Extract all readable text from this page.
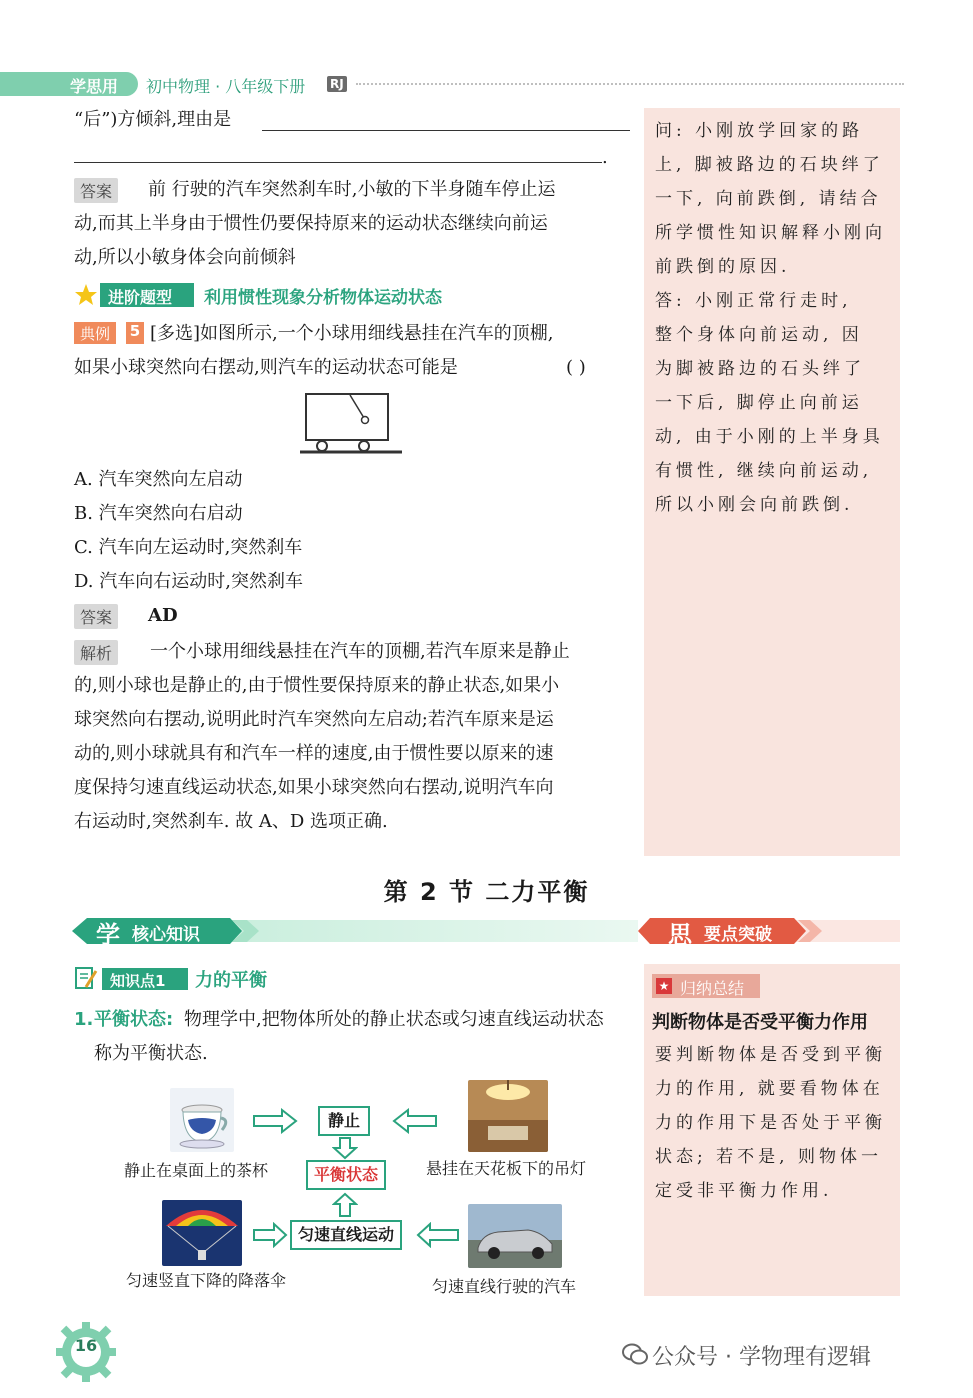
学思用 初中物理 · 八年级下册 RJ
问: 小刚放学回家的路
上, 脚被路边的石块绊了
一下, 向前跌倒, 请结合
所学惯性知识解释小刚向
前跌倒的原因.
答: 小刚正常行走时,
整个身体向前运动, 因
为脚被路边的石头绊了
一下后, 脚停止向前运
动, 由于小刚的上半身具
有惯性, 继续向前运动,
所以小刚会向前跌倒.
“后”)方倾斜,理由是
.
答案	前 行驶的汽车突然刹车时,小敏的下半身随车停止运
动,而其上半身由于惯性仍要保持原来的运动状态继续向前运
动,所以小敏身体会向前倾斜
进阶题型	利用惯性现象分析物体运动状态
典例	5 [多选]如图所示,一个小球用细线悬挂在汽车的顶棚,
如果小球突然向右摆动,则汽车的运动状态可能是	( )
A. 汽车突然向左启动
B. 汽车突然向右启动
C. 汽车向左运动时,突然刹车
D. 汽车向右运动时,突然刹车
答案	AD
解析	一个小球用细线悬挂在汽车的顶棚,若汽车原来是静止
的,则小球也是静止的,由于惯性要保持原来的静止状态,如果小
球突然向右摆动,说明此时汽车突然向左启动;若汽车原来是运
动的,则小球就具有和汽车一样的速度,由于惯性要以原来的速
度保持匀速直线运动状态,如果小球突然向右摆动,说明汽车向
右运动时,突然刹车. 故 A、D 选项正确.
第 2 节 二力平衡
学 核心知识	思 要点突破
知识点1	力的平衡
1. 平衡状态: 物理学中,把物体所处的静止状态或匀速直线运动状态
称为平衡状态.
静止
平衡状态
匀速直线运动
静止在桌面上的茶杯	悬挂在天花板下的吊灯
匀速竖直下降的降落伞	匀速直线行驶的汽车
归纳总结
★
判断物体是否受平衡力作用
要判断物体是否受到平衡
力的作用, 就要看物体在
力的作用下是否处于平衡
状态; 若不是, 则物体一
定受非平衡力作用.
16	公众号 · 学物理有逻辑
